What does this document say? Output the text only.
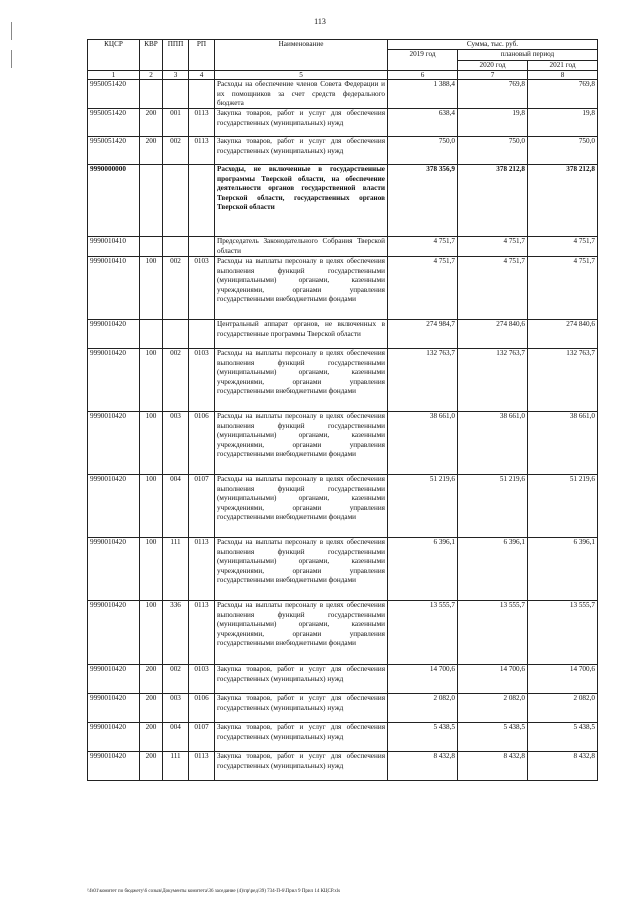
113
КЦСР	КВР	ППП	РП	Наименование	Сумма, тыс. руб.		
					2019 год	плановый период	
						2020 год	2021 год
1	2	3	4	5	6	7	8
9950051420				Расходы на обеспечение членов Совета Федерации и их помощников за счет средств федерального бюджета	1 388,4	769,8	769,8
9950051420	200	001	0113	Закупка товаров, работ и услуг для обеспечения государственных (муниципальных) нужд	638,4	19,8	19,8
9950051420	200	002	0113	Закупка товаров, работ и услуг для обеспечения государственных (муниципальных) нужд	750,0	750,0	750,0
9990000000				Расходы, не включенные в государственные программы Тверской области, на обеспечение деятельности органов государственной власти Тверской области, государственных органов Тверской области	378 356,9	378 212,8	378 212,8
9990010410				Председатель Законодательного Собрания Тверской области	4 751,7	4 751,7	4 751,7
9990010410	100	002	0103	Расходы на выплаты персоналу в целях обеспечения выполнения функций государственными (муниципальными) органами, казенными учреждениями, органами управления государственными внебюджетными фондами	4 751,7	4 751,7	4 751,7
9990010420				Центральный аппарат органов, не включенных в государственные программы Тверской области	274 984,7	274 840,6	274 840,6
9990010420	100	002	0103	Расходы на выплаты персоналу в целях обеспечения выполнения функций государственными (муниципальными) органами, казенными учреждениями, органами управления государственными внебюджетными фондами	132 763,7	132 763,7	132 763,7
9990010420	100	003	0106	Расходы на выплаты персоналу в целях обеспечения выполнения функций государственными (муниципальными) органами, казенными учреждениями, органами управления государственными внебюджетными фондами	38 661,0	38 661,0	38 661,0
9990010420	100	004	0107	Расходы на выплаты персоналу в целях обеспечения выполнения функций государственными (муниципальными) органами, казенными учреждениями, органами управления государственными внебюджетными фондами	51 219,6	51 219,6	51 219,6
9990010420	100	111	0113	Расходы на выплаты персоналу в целях обеспечения выполнения функций государственными (муниципальными) органами, казенными учреждениями, органами управления государственными внебюджетными фондами	6 396,1	6 396,1	6 396,1
9990010420	100	336	0113	Расходы на выплаты персоналу в целях обеспечения выполнения функций государственными (муниципальными) органами, казенными учреждениями, органами управления государственными внебюджетными фондами	13 555,7	13 555,7	13 555,7
9990010420	200	002	0103	Закупка товаров, работ и услуг для обеспечения государственных (муниципальных) нужд	14 700,6	14 700,6	14 700,6
9990010420	200	003	0106	Закупка товаров, работ и услуг для обеспечения государственных (муниципальных) нужд	2 082,0	2 082,0	2 082,0
9990010420	200	004	0107	Закупка товаров, работ и услуг для обеспечения государственных (муниципальных) нужд	5 438,5	5 438,5	5 438,5
9990010420	200	111	0113	Закупка товаров, работ и услуг для обеспечения государственных (муниципальных) нужд	8 432,8	8 432,8	8 432,8
\\fs01\комитет по бюджету\6 созыв\Документы комитета\36 заседание (4)\пр\ред\39) 734-П-6\Прил 9 Прил 14 КЦСР.xls
